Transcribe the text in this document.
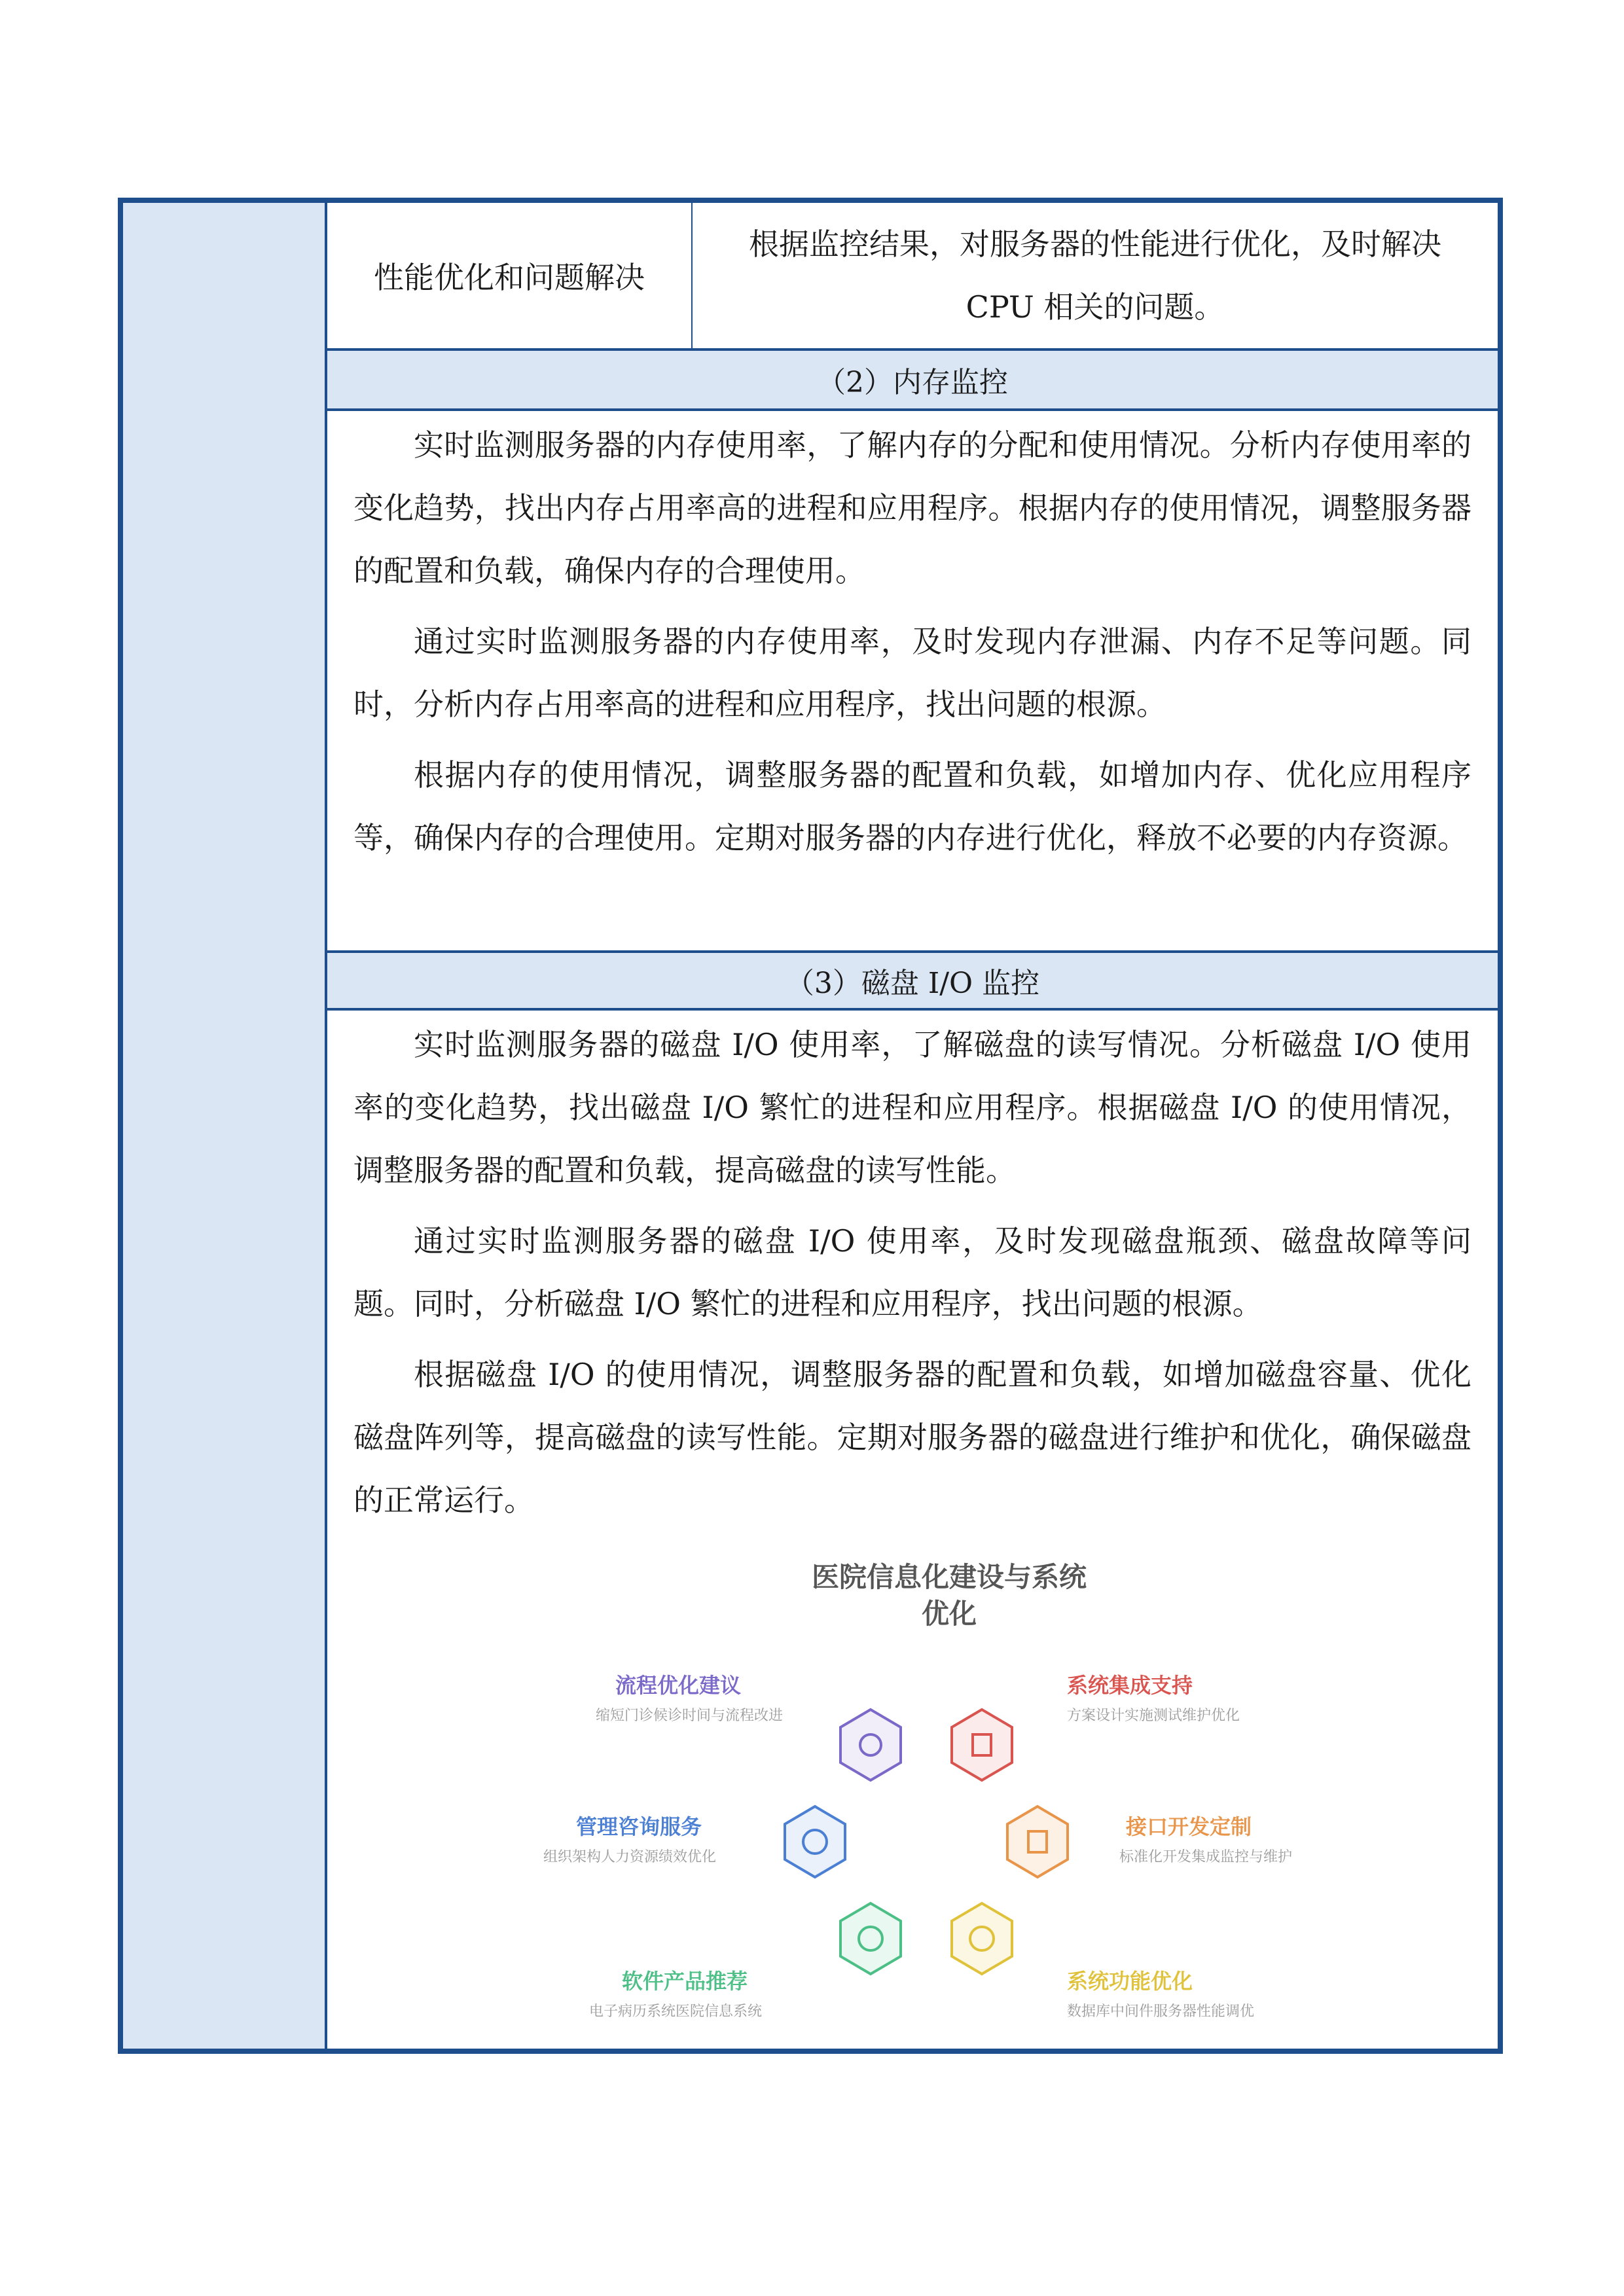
性能优化和问题解决
根据监控结果，对服务器的性能进行优化，及时解决CPU 相关的问题。
（2）内存监控

实时监测服务器的内存使用率，了解内存的分配和使用情况。分析内存使用率的变化趋势，找出内存占用率高的进程和应用程序。根据内存的使用情况，调整服务器的配置和负载，确保内存的合理使用。

通过实时监测服务器的内存使用率，及时发现内存泄漏、内存不足等问题。同时，分析内存占用率高的进程和应用程序，找出问题的根源。

根据内存的使用情况，调整服务器的配置和负载，如增加内存、优化应用程序等，确保内存的合理使用。定期对服务器的内存进行优化，释放不必要的内存资源。

（3）磁盘 I/O 监控

实时监测服务器的磁盘 I/O 使用率，了解磁盘的读写情况。分析磁盘 I/O 使用率的变化趋势，找出磁盘 I/O 繁忙的进程和应用程序。根据磁盘 I/O 的使用情况，调整服务器的配置和负载，提高磁盘的读写性能。

通过实时监测服务器的磁盘 I/O 使用率，及时发现磁盘瓶颈、磁盘故障等问题。同时，分析磁盘 I/O 繁忙的进程和应用程序，找出问题的根源。

根据磁盘 I/O 的使用情况，调整服务器的配置和负载，如增加磁盘容量、优化磁盘阵列等，提高磁盘的读写性能。定期对服务器的磁盘进行维护和优化，确保磁盘的正常运行。

医院信息化建设与系统
优化
流程优化建议
缩短门诊候诊时间与流程改进
系统集成支持
方案设计实施测试维护优化
管理咨询服务
组织架构人力资源绩效优化
接口开发定制
标准化开发集成监控与维护
软件产品推荐
电子病历系统医院信息系统
系统功能优化
数据库中间件服务器性能调优
